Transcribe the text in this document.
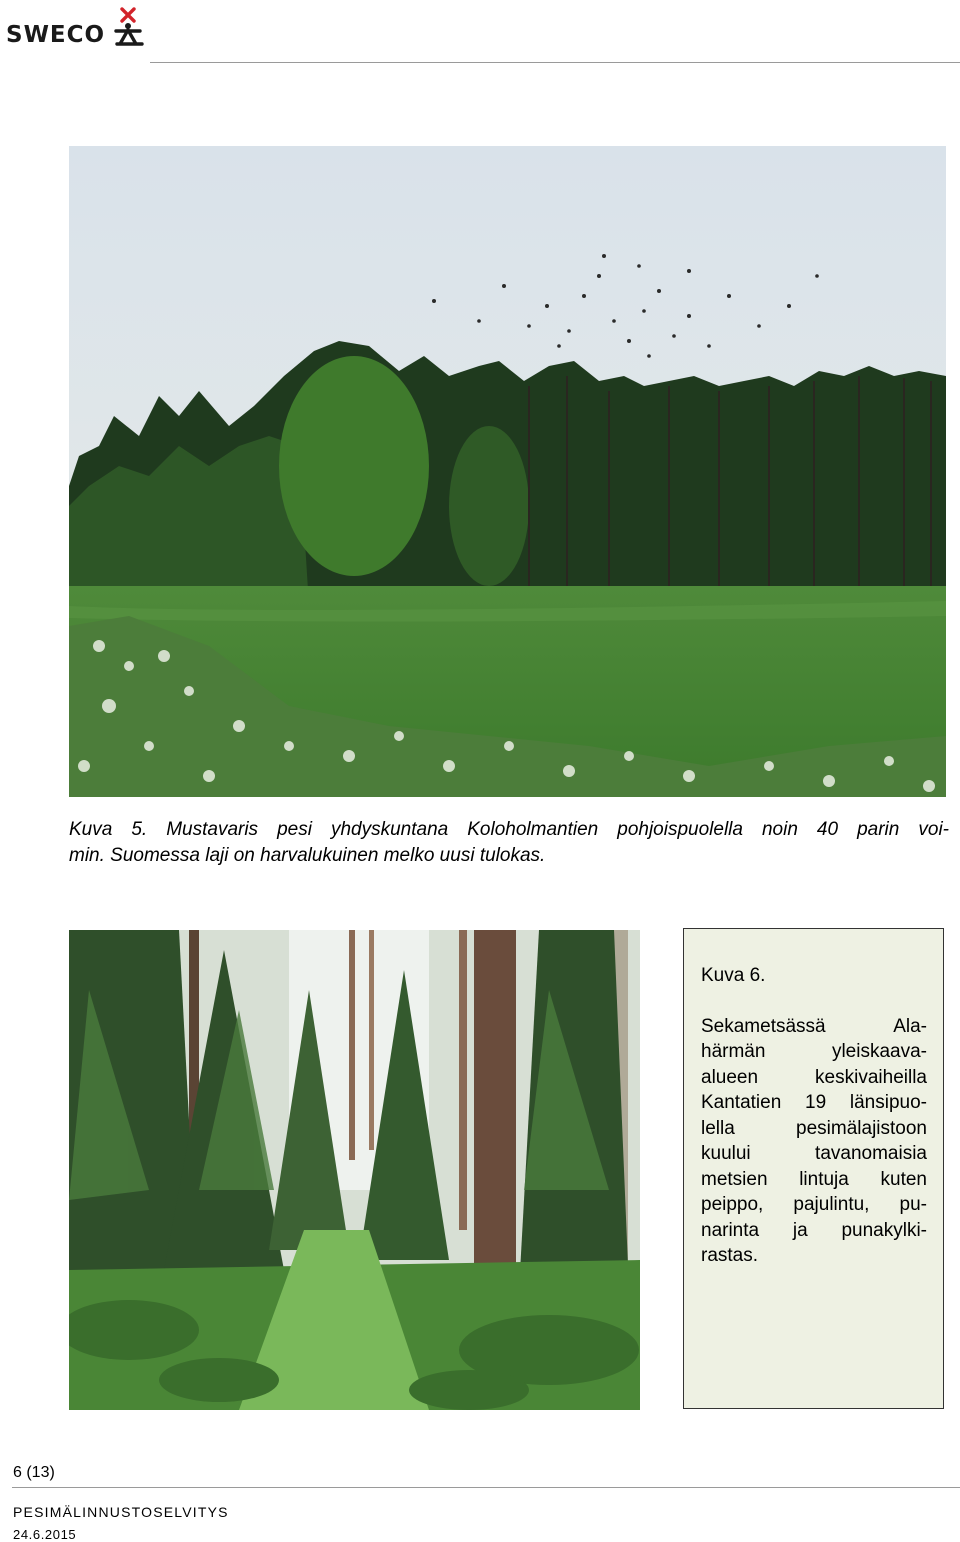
SWECO
Kuva 5. Mustavaris pesi yhdyskuntana Koloholmantien pohjoispuolella noin 40 parin voi-
min. Suomessa laji on harvalukuinen melko uusi tulokas.
Kuva 6.
Sekametsässä Ala-
härmän yleiskaava-
alueen keskivaiheilla
Kantatien 19 länsipuo-
lella pesimälajistoon
kuului tavanomaisia
metsien lintuja kuten
peippo, pajulintu, pu-
narinta ja punakylki-
rastas.
6 (13)
PESIMÄLINNUSTOSELVITYS
24.6.2015
